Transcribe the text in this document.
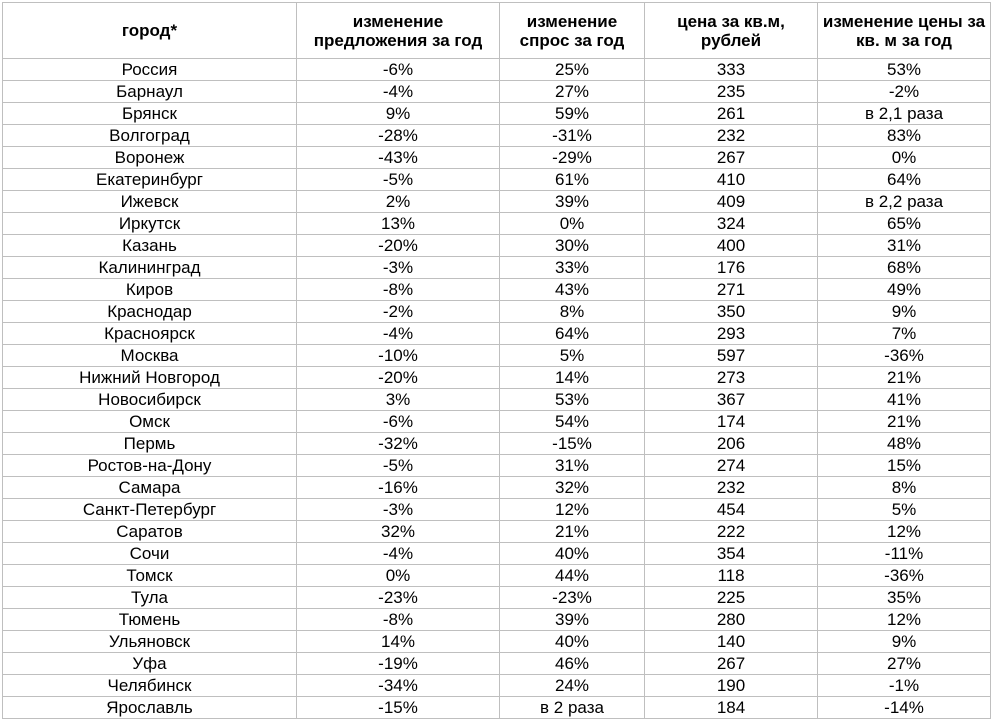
город*	изменение предложения за год	изменение спрос за год	цена за кв.м, рублей	изменение цены за кв. м за год
Россия	-6%	25%	333	53%
Барнаул	-4%	27%	235	-2%
Брянск	9%	59%	261	в 2,1 раза
Волгоград	-28%	-31%	232	83%
Воронеж	-43%	-29%	267	0%
Екатеринбург	-5%	61%	410	64%
Ижевск	2%	39%	409	в 2,2 раза
Иркутск	13%	0%	324	65%
Казань	-20%	30%	400	31%
Калининград	-3%	33%	176	68%
Киров	-8%	43%	271	49%
Краснодар	-2%	8%	350	9%
Красноярск	-4%	64%	293	7%
Москва	-10%	5%	597	-36%
Нижний Новгород	-20%	14%	273	21%
Новосибирск	3%	53%	367	41%
Омск	-6%	54%	174	21%
Пермь	-32%	-15%	206	48%
Ростов-на-Дону	-5%	31%	274	15%
Самара	-16%	32%	232	8%
Санкт-Петербург	-3%	12%	454	5%
Саратов	32%	21%	222	12%
Сочи	-4%	40%	354	-11%
Томск	0%	44%	118	-36%
Тула	-23%	-23%	225	35%
Тюмень	-8%	39%	280	12%
Ульяновск	14%	40%	140	9%
Уфа	-19%	46%	267	27%
Челябинск	-34%	24%	190	-1%
Ярославль	-15%	в 2 раза	184	-14%
